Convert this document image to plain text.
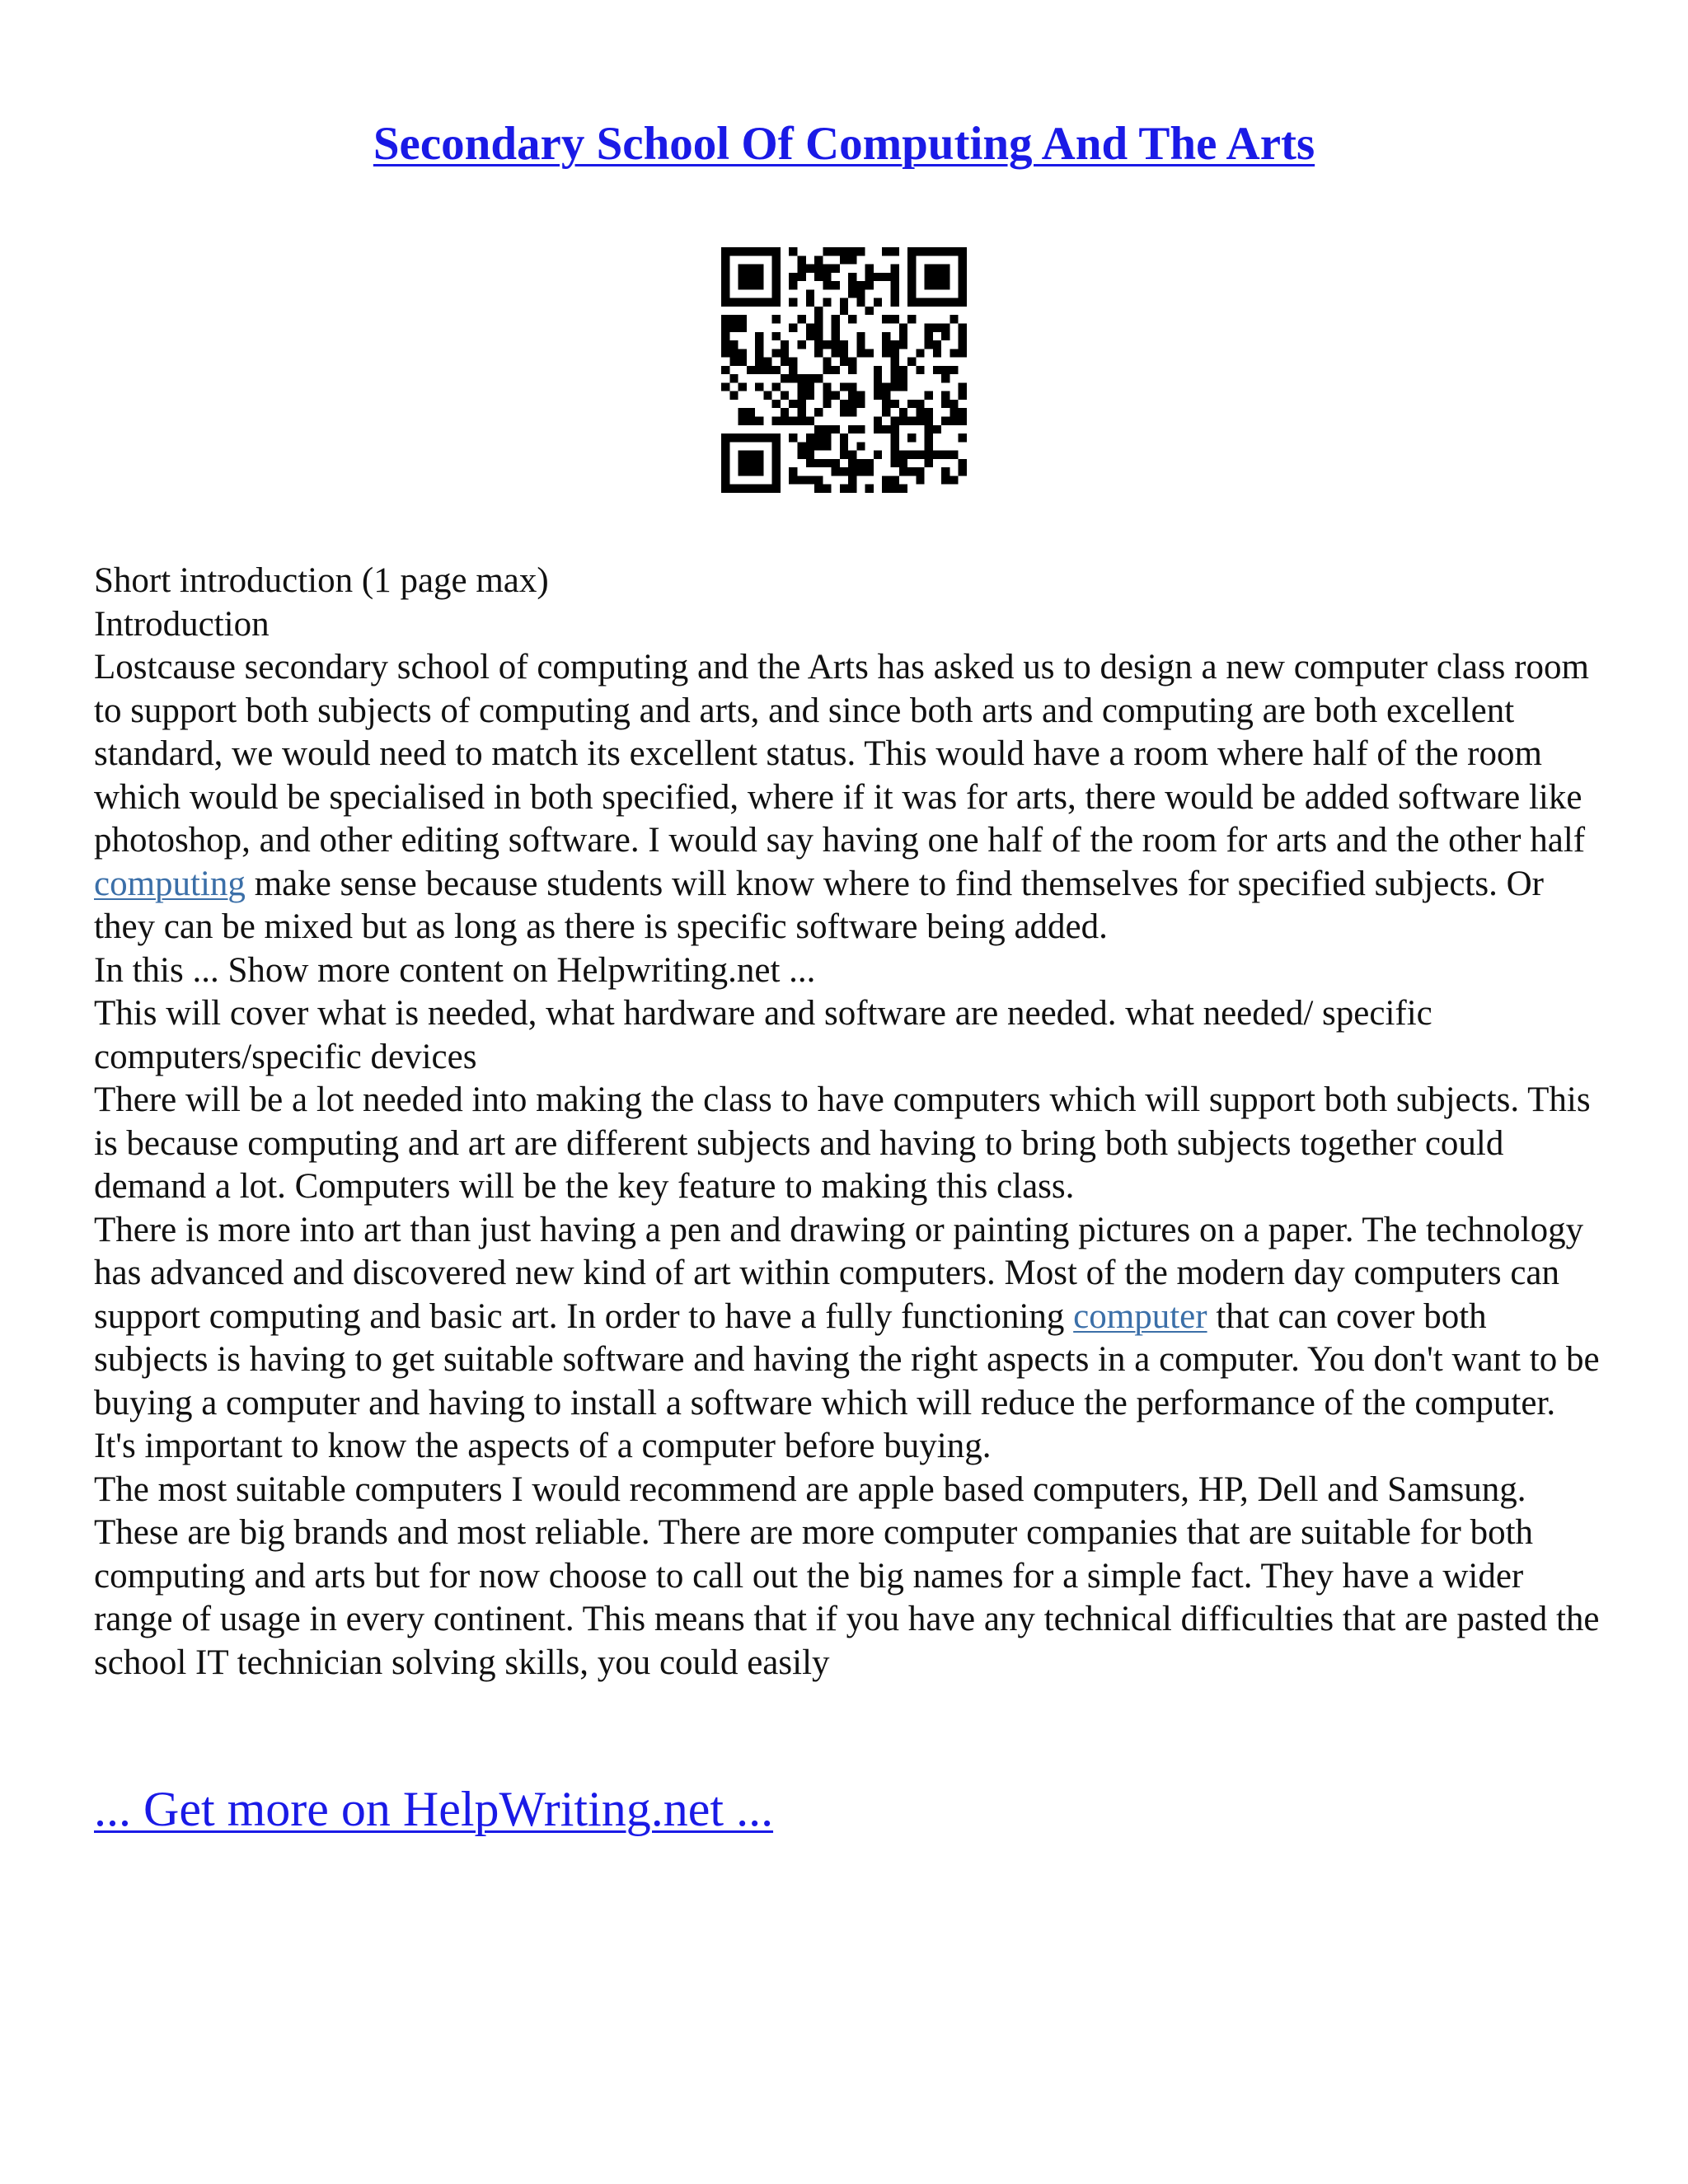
Secondary School Of Computing And The Arts

Short introduction (1 page max)

Introduction

Lostcause secondary school of computing and the Arts has asked us to design a new computer class room to support both subjects of computing and arts, and since both arts and computing are both excellent standard, we would need to match its excellent status. This would have a room where half of the room which would be specialised in both specified, where if it was for arts, there would be added software like photoshop, and other editing software. I would say having one half of the room for arts and the other half computing make sense because students will know where to find themselves for specified subjects. Or they can be mixed but as long as there is specific software being added.

In this ... Show more content on Helpwriting.net ...

This will cover what is needed, what hardware and software are needed. what needed/ specific computers/specific devices

There will be a lot needed into making the class to have computers which will support both subjects. This is because computing and art are different subjects and having to bring both subjects together could demand a lot. Computers will be the key feature to making this class.

There is more into art than just having a pen and drawing or painting pictures on a paper. The technology has advanced and discovered new kind of art within computers. Most of the modern day computers can support computing and basic art. In order to have a fully functioning computer that can cover both subjects is having to get suitable software and having the right aspects in a computer. You don't want to be buying a computer and having to install a software which will reduce the performance of the computer. It's important to know the aspects of a computer before buying.

The most suitable computers I would recommend are apple based computers, HP, Dell and Samsung. These are big brands and most reliable. There are more computer companies that are suitable for both computing and arts but for now choose to call out the big names for a simple fact. They have a wider range of usage in every continent. This means that if you have any technical difficulties that are pasted the school IT technician solving skills, you could easily

... Get more on HelpWriting.net ...
